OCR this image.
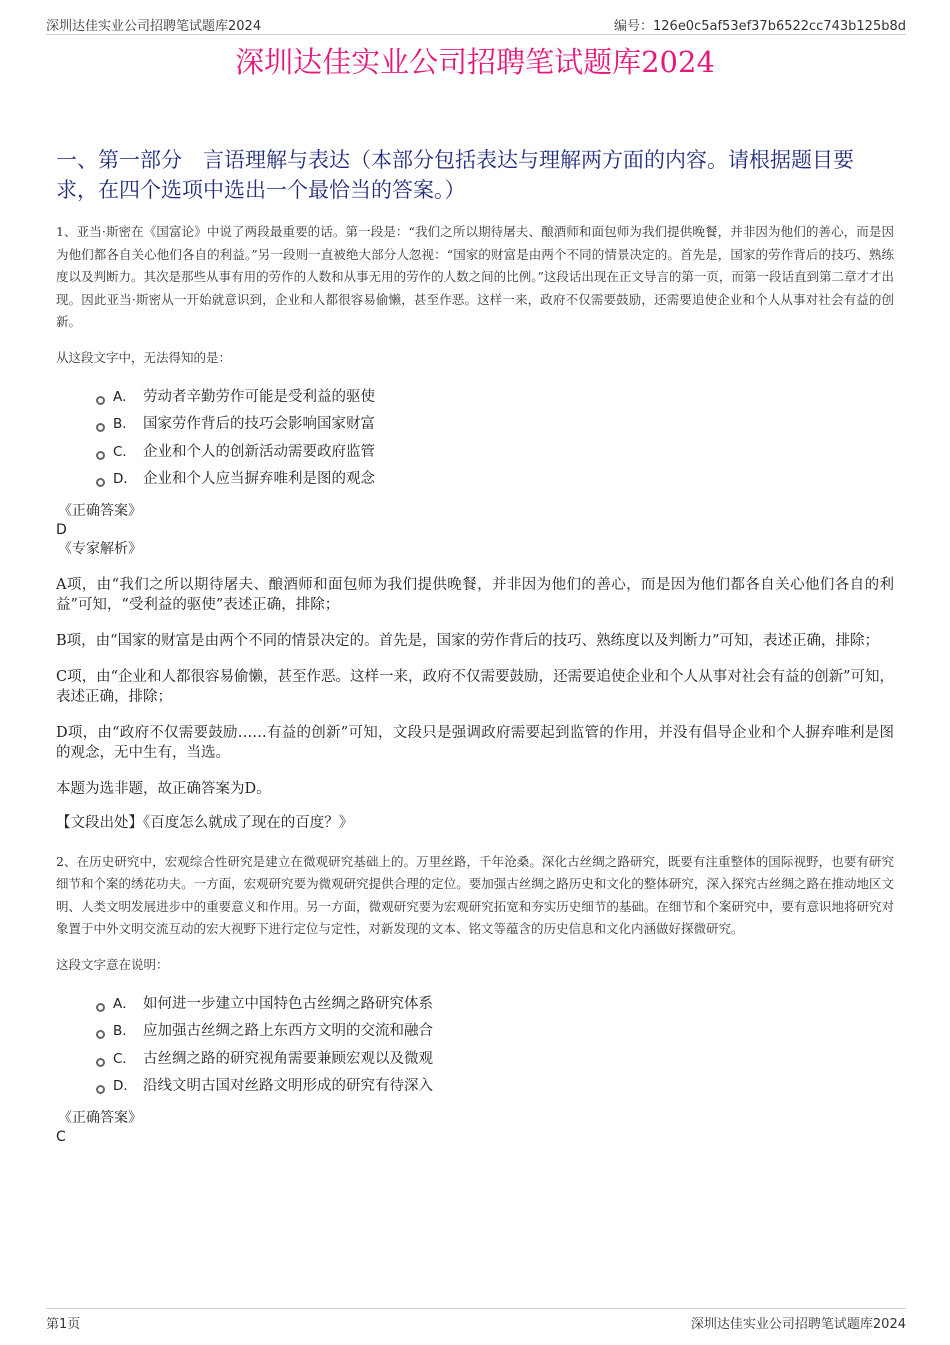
深圳达佳实业公司招聘笔试题库2024	编号：126e0c5af53ef37b6522cc743b125b8d
深圳达佳实业公司招聘笔试题库2024
一、第一部分　言语理解与表达（本部分包括表达与理解两方面的内容。请根据题目要求，在四个选项中选出一个最恰当的答案。）

1、亚当·斯密在《国富论》中说了两段最重要的话。第一段是：“我们之所以期待屠夫、酿酒师和面包师为我们提供晚餐，并非因为他们的善心，而是因为他们都各自关心他们各自的利益。”另一段则一直被绝大部分人忽视：“国家的财富是由两个不同的情景决定的。首先是，国家的劳作背后的技巧、熟练度以及判断力。其次是那些从事有用的劳作的人数和从事无用的劳作的人数之间的比例。”这段话出现在正文导言的第一页，而第一段话直到第二章才才出现。因此亚当·斯密从一开始就意识到，企业和人都很容易偷懒，甚至作恶。这样一来，政府不仅需要鼓励，还需要追使企业和个人从事对社会有益的创新。

从这段文字中，无法得知的是：

A． 劳动者辛勤劳作可能是受利益的驱使
B． 国家劳作背后的技巧会影响国家财富
C． 企业和个人的创新活动需要政府监管
D． 企业和个人应当摒弃唯利是图的观念

《正确答案》

D

《专家解析》

A项，由“我们之所以期待屠夫、酿酒师和面包师为我们提供晚餐，并非因为他们的善心，而是因为他们都各自关心他们各自的利益”可知，“受利益的驱使”表述正确，排除；

B项，由“国家的财富是由两个不同的情景决定的。首先是，国家的劳作背后的技巧、熟练度以及判断力”可知，表述正确，排除；

C项，由“企业和人都很容易偷懒，甚至作恶。这样一来，政府不仅需要鼓励，还需要追使企业和个人从事对社会有益的创新”可知，表述正确，排除；

D项，由“政府不仅需要鼓励……有益的创新”可知，文段只是强调政府需要起到监管的作用，并没有倡导企业和个人摒弃唯利是图的观念，无中生有，当选。

本题为选非题，故正确答案为D。

【文段出处】《百度怎么就成了现在的百度？》

2、在历史研究中，宏观综合性研究是建立在微观研究基础上的。万里丝路，千年沧桑。深化古丝绸之路研究，既要有注重整体的国际视野，也要有研究细节和个案的绣花功夫。一方面，宏观研究要为微观研究提供合理的定位。要加强古丝绸之路历史和文化的整体研究，深入探究古丝绸之路在推动地区文明、人类文明发展进步中的重要意义和作用。另一方面，微观研究要为宏观研究拓宽和夯实历史细节的基础。在细节和个案研究中，要有意识地将研究对象置于中外文明交流互动的宏大视野下进行定位与定性，对新发现的文本、铭文等蕴含的历史信息和文化内涵做好探微研究。

这段文字意在说明：

A． 如何进一步建立中国特色古丝绸之路研究体系
B． 应加强古丝绸之路上东西方文明的交流和融合
C． 古丝绸之路的研究视角需要兼顾宏观以及微观
D． 沿线文明古国对丝路文明形成的研究有待深入

《正确答案》

C

第1页	深圳达佳实业公司招聘笔试题库2024
